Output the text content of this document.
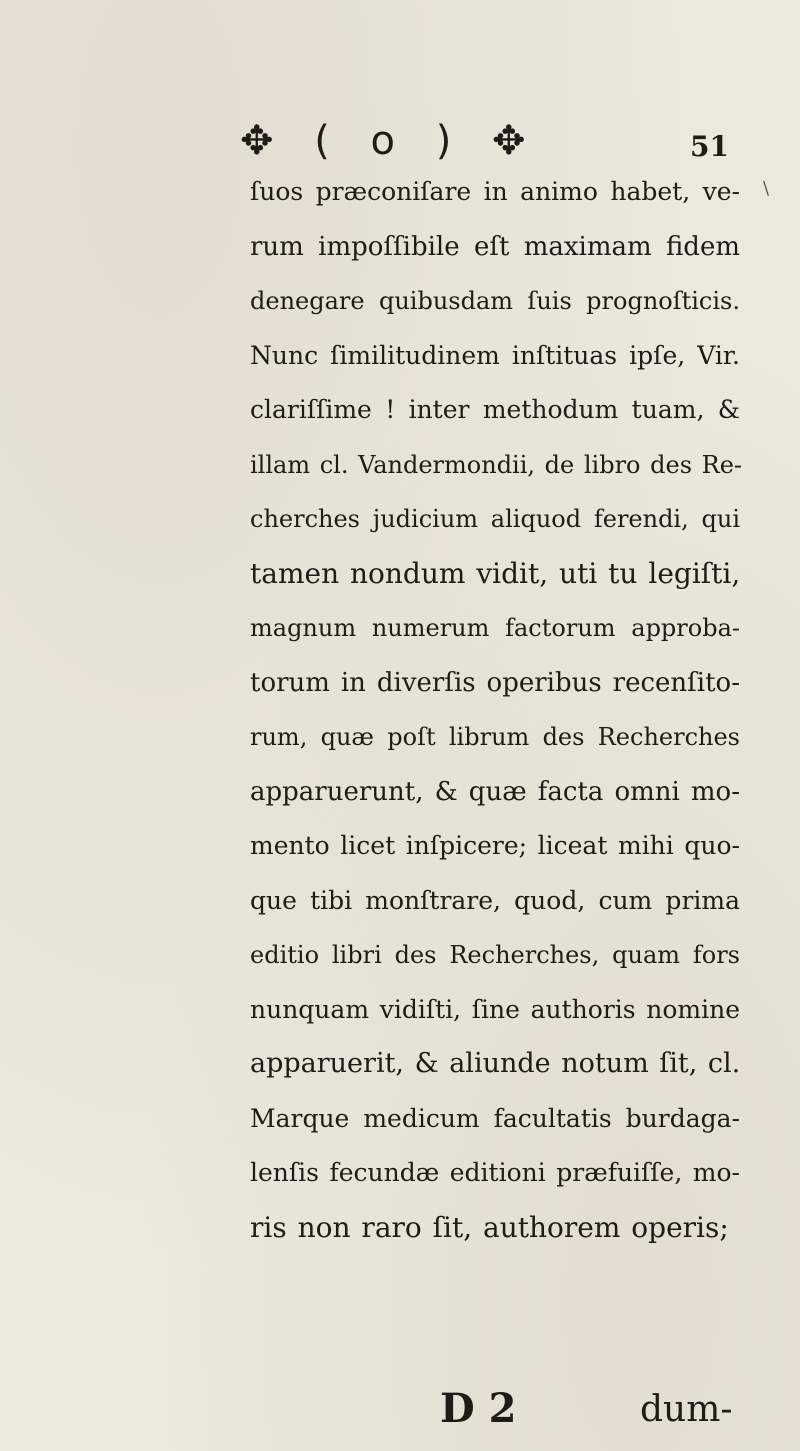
✥ ( o ) ✥	51
\
ſuos præconiſare in animo habet, ve-
rum impoſſibile eſt maximam fidem
denegare quibusdam ſuis prognoſticis.
Nunc ſimilitudinem inſtituas ipſe, Vir.
clariſſime ! inter methodum tuam, &
illam cl. Vandermondii, de libro des Re-
cherches judicium aliquod ferendi, qui
tamen nondum vidit, uti tu legiſti,
magnum numerum factorum approba-
torum in diverſis operibus recenſito-
rum, quæ poſt librum des Recherches
apparuerunt, & quæ facta omni mo-
mento licet inſpicere; liceat mihi quo-
que tibi monſtrare, quod, cum prima
editio libri des Recherches, quam fors
nunquam vidiſti, ſine authoris nomine
apparuerit, & aliunde notum ſit, cl.
Marque medicum facultatis burdaga-
lenſis fecundæ editioni præfuiſſe, mo-
ris non raro ſit, authorem operis;
D 2	dum-
